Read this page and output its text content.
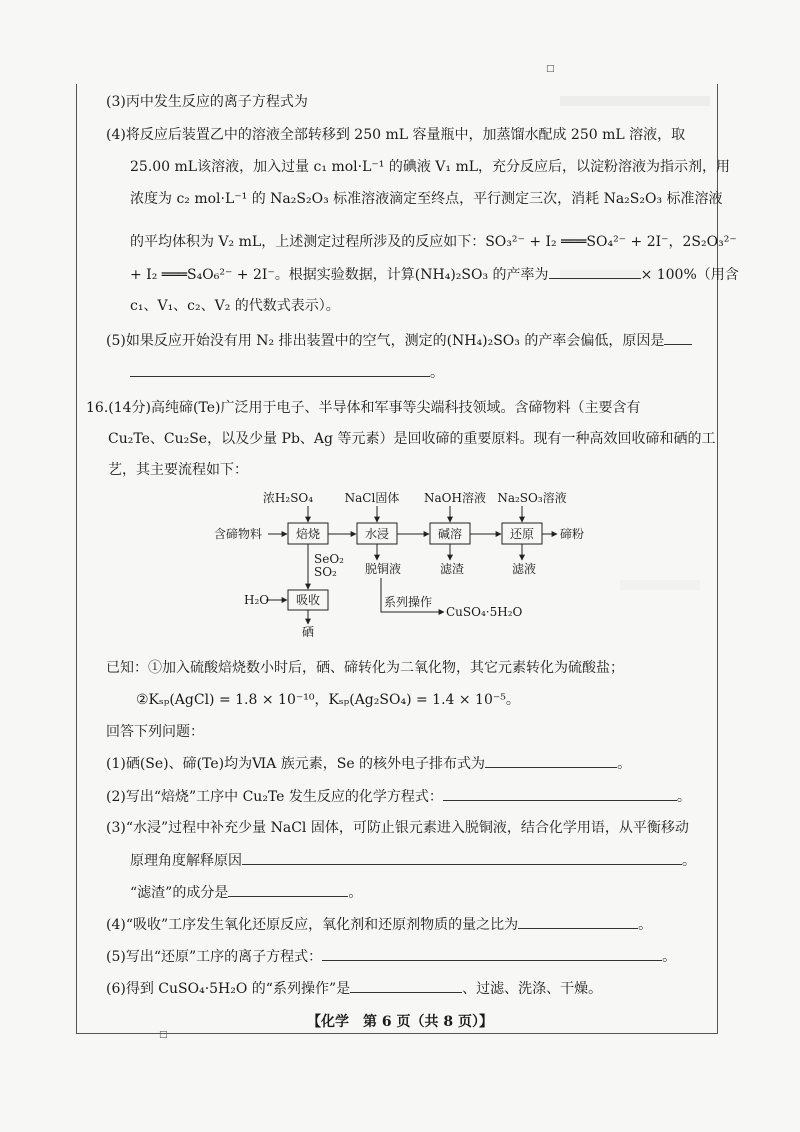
□
□
(3)丙中发生反应的离子方程式为
(4)将反应后装置乙中的溶液全部转移到 250 mL 容量瓶中，加蒸馏水配成 250 mL 溶液，取
25.00 mL该溶液，加入过量 c₁ mol·L⁻¹ 的碘液 V₁ mL，充分反应后，以淀粉溶液为指示剂，用
浓度为 c₂ mol·L⁻¹ 的 Na₂S₂O₃ 标准溶液滴定至终点，平行测定三次，消耗 Na₂S₂O₃ 标准溶液
的平均体积为 V₂ mL，上述测定过程所涉及的反应如下：SO₃²⁻ + I₂ ═══SO₄²⁻ + 2I⁻，2S₂O₃²⁻
+ I₂ ═══S₄O₆²⁻ + 2I⁻。根据实验数据，计算(NH₄)₂SO₃ 的产率为	× 100%（用含
c₁、V₁、c₂、V₂ 的代数式表示）。
(5)如果反应开始没有用 N₂ 排出装置中的空气，测定的(NH₄)₂SO₃ 的产率会偏低，原因是
。
16.(14分)高纯碲(Te)广泛用于电子、半导体和军事等尖端科技领域。含碲物料（主要含有
Cu₂Te、Cu₂Se，以及少量 Pb、Ag 等元素）是回收碲的重要原料。现有一种高效回收碲和硒的工
艺，其主要流程如下：
浓H₂SO₄	NaCl固体 NaOH溶液 Na₂SO₃溶液
含碲物料	焙烧	水浸	碱溶	还原 碲粉
SeO₂
SO₂ 脱铜液	滤渣	滤液
吸收
H₂O
硒
系列操作
CuSO₄·5H₂O
已知：①加入硫酸焙烧数小时后，硒、碲转化为二氧化物，其它元素转化为硫酸盐；
②Kₛₚ(AgCl) = 1.8 × 10⁻¹⁰，Kₛₚ(Ag₂SO₄) = 1.4 × 10⁻⁵。
回答下列问题：
(1)硒(Se)、碲(Te)均为ⅥA 族元素，Se 的核外电子排布式为	。
(2)写出“焙烧”工序中 Cu₂Te 发生反应的化学方程式：	。
(3)“水浸”过程中补充少量 NaCl 固体，可防止银元素进入脱铜液，结合化学用语，从平衡移动
原理角度解释原因	。
“滤渣”的成分是	。
(4)“吸收”工序发生氧化还原反应，氧化剂和还原剂物质的量之比为	。
(5)写出“还原”工序的离子方程式：	。
(6)得到 CuSO₄·5H₂O 的“系列操作”是	、过滤、洗涤、干燥。
【化学　第 6 页（共 8 页）】
